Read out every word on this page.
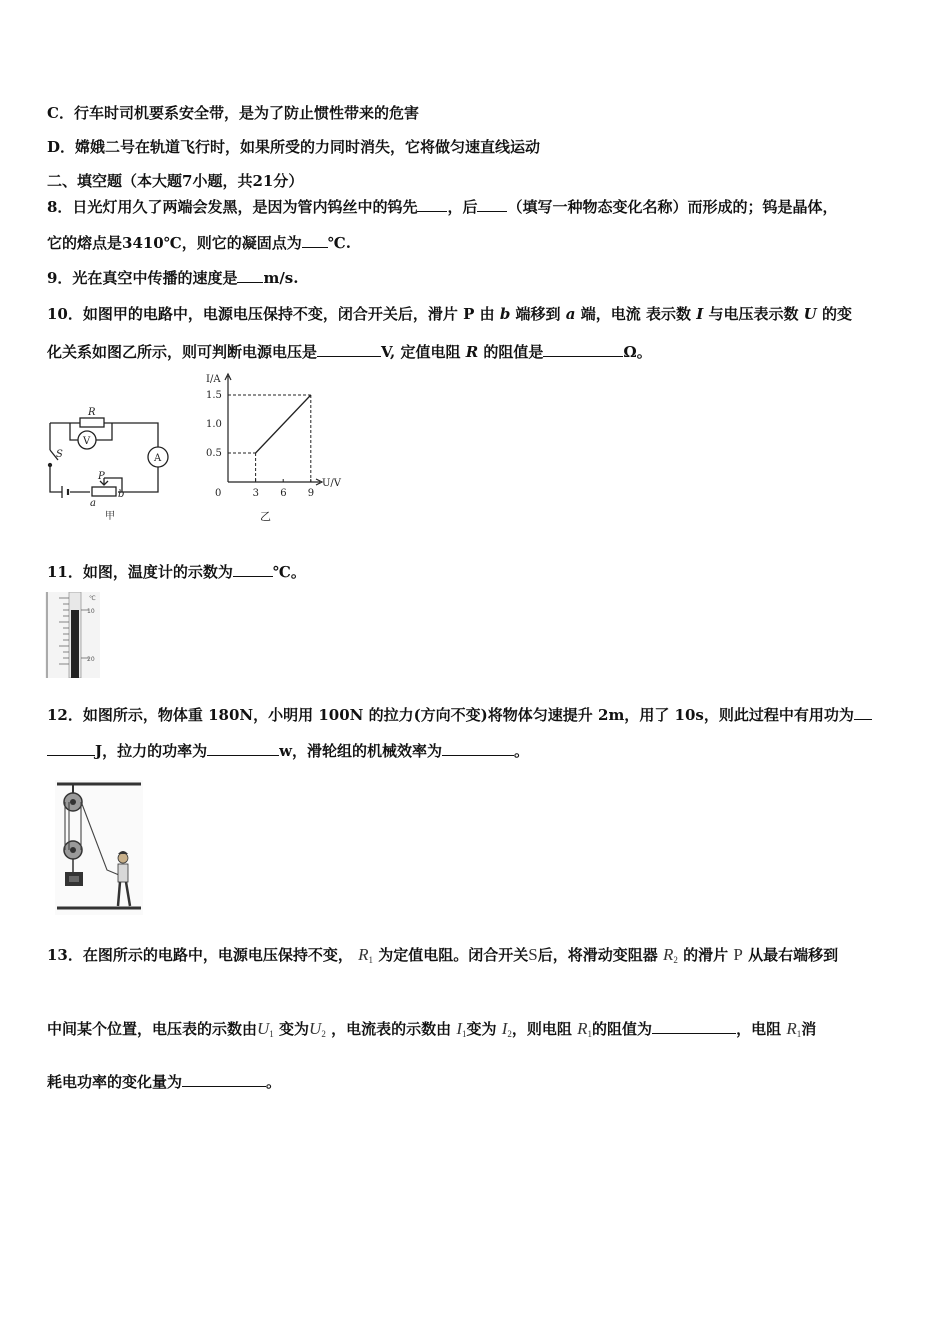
C．行车时司机要系安全带，是为了防止惯性带来的危害
D．嫦娥二号在轨道飞行时，如果所受的力同时消失，它将做匀速直线运动
二、填空题（本大题7小题，共21分）
8．日光灯用久了两端会发黑，是因为管内钨丝中的钨先 ，后 （填写一种物态变化名称）而形成的；钨是晶体，
它的熔点是3410℃，则它的凝固点为 ℃.
9．光在真空中传播的速度是 m/s.
10．如图甲的电路中，电源电压保持不变，闭合开关后，滑片 P 由 b 端移到 a 端，电流 表示数 I 与电压表示数 U 的变
化关系如图乙所示，则可判断电源电压是	V, 定值电阻 R 的阻值是	Ω。
R
V
A
S
P
a
b
甲
I/A
U/V
1.5
1.0
0.5
0	3 6 9
乙
11．如图，温度计的示数为	℃。
℃
10
20
12．如图所示，物体重 180N，小明用 100N 的拉力(方向不变)将物体匀速提升 2m，用了 10s，则此过程中有用功为
J，拉力的功率为	w，滑轮组的机械效率为	。
13．在图所示的电路中，电源电压保持不变， $R_1$ 为定值电阻。闭合开关S后，将滑动变阻器 $R_2$ 的滑片 P 从最右端移到
中间某个位置，电压表的示数由$U_1$ 变为$U_2$ ，电流表的示数由 $I_1$变为 $I_2$，则电阻 $R_1$的阻值为	，电阻 $R_1$消
耗电功率的变化量为	。
